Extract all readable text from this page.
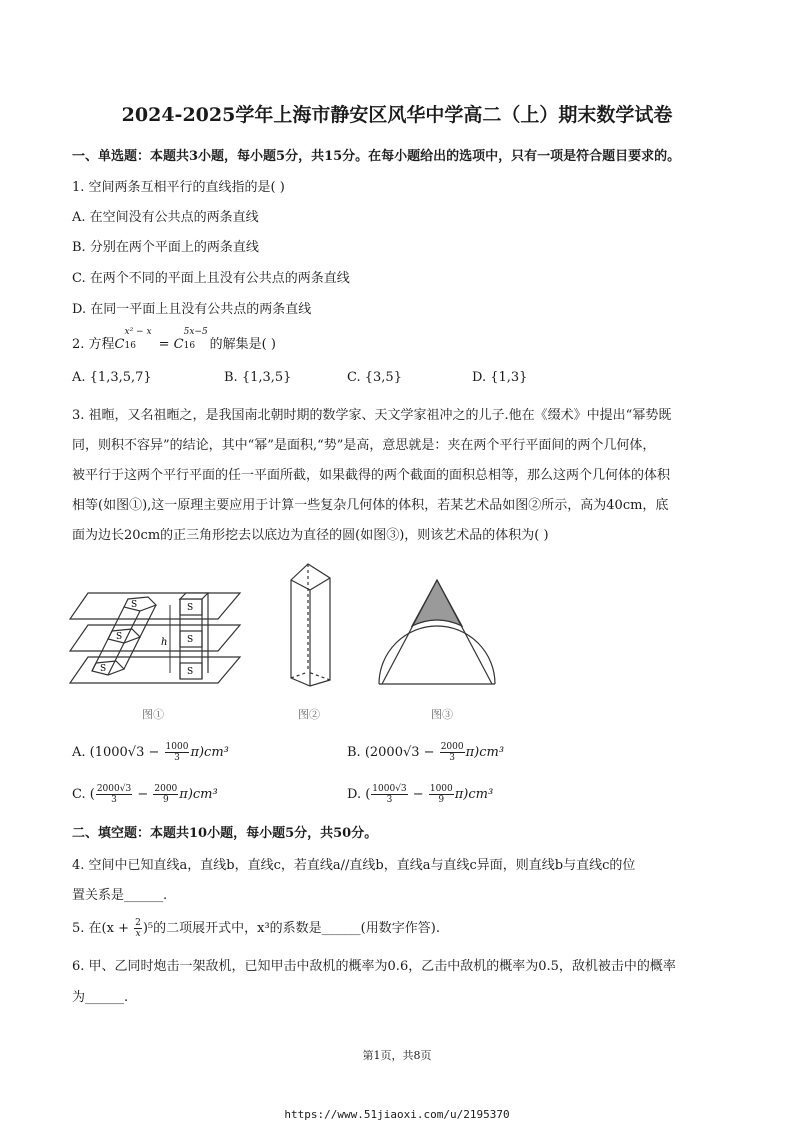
2024-2025学年上海市静安区风华中学高二（上）期末数学试卷
一、单选题：本题共3小题，每小题5分，共15分。在每小题给出的选项中，只有一项是符合题目要求的。
1. 空间两条互相平行的直线指的是( )
A. 在空间没有公共点的两条直线
B. 分别在两个平面上的两条直线
C. 在两个不同的平面上且没有公共点的两条直线
D. 在同一平面上且没有公共点的两条直线
2. 方程C
x² − x
16 = C
5x−5
16 的解集是( )
A. {1,3,5,7}	B. {1,3,5}	C. {3,5}	D. {1,3}
3. 祖暅，又名祖暅之，是我国南北朝时期的数学家、天文学家祖冲之的儿子.他在《缀术》中提出“幂势既
同，则积不容异”的结论，其中“幂”是面积,“势”是高，意思就是：夹在两个平行平面间的两个几何体，
被平行于这两个平行平面的任一平面所截，如果截得的两个截面的面积总相等，那么这两个几何体的体积
相等(如图①),这一原理主要应用于计算一些复杂几何体的体积，若某艺术品如图②所示，高为40cm，底
面为边长20cm的正三角形挖去以底边为直径的圆(如图③)，则该艺术品的体积为( )
S
S
S
S
S
S
h
图①	图②	图③
A. $(1000√3 - \frac{1000}{3} \pi)cm^3$	B. $(2000√3 - \frac{2000}{3} \pi)cm^3$
C. ( $\frac{2000√3}{3} - \frac{2000}{9} \pi)cm^3$	D. ( $\frac{1000√3}{3} - \frac{1000}{9} \pi)cm^3$
二、填空题：本题共10小题，每小题5分，共50分。
4. 空间中已知直线a，直线b，直线c，若直线a//直线b，直线a与直线c异面，则直线b与直线c的位
置关系是______.
5. 在$(x + \frac{2}{x} )^5$的二项展开式中，x³的系数是______(用数字作答).
6. 甲、乙同时炮击一架敌机，已知甲击中敌机的概率为0.6，乙击中敌机的概率为0.5，敌机被击中的概率
为______.
第1页，共8页
https://www.51jiaoxi.com/u/2195370
